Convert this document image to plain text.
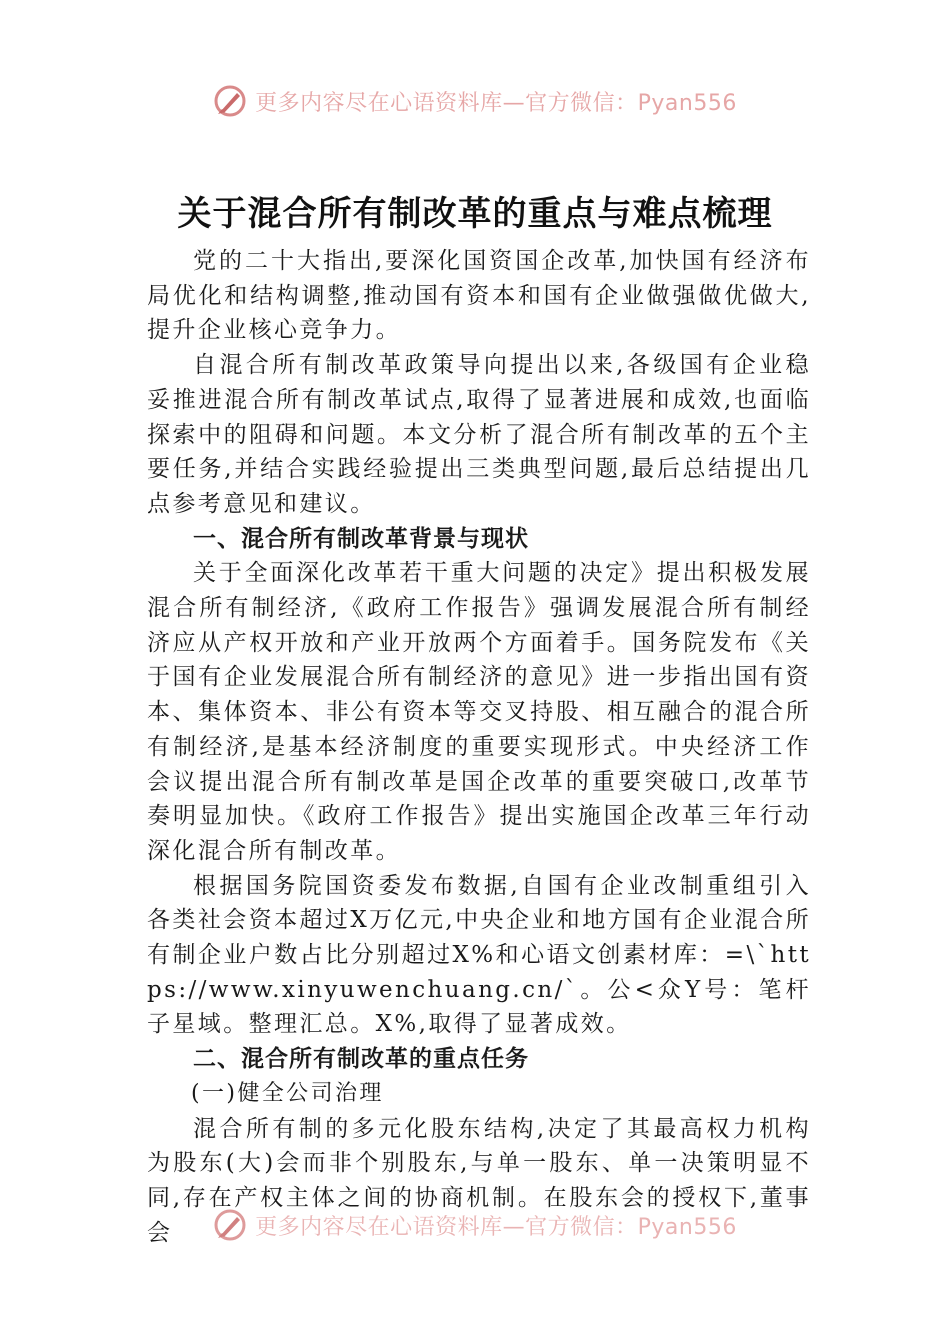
更多内容尽在心语资料库—官方微信：Pyan556
关于混合所有制改革的重点与难点梳理

党的二十大指出,要深化国资国企改革,加快国有经济布局优化和结构调整,推动国有资本和国有企业做强做优做大,提升企业核心竞争力。

自混合所有制改革政策导向提出以来,各级国有企业稳妥推进混合所有制改革试点,取得了显著进展和成效,也面临探索中的阻碍和问题。本文分析了混合所有制改革的五个主要任务,并结合实践经验提出三类典型问题,最后总结提出几点参考意见和建议。

一、混合所有制改革背景与现状

关于全面深化改革若干重大问题的决定》提出积极发展混合所有制经济,《政府工作报告》强调发展混合所有制经济应从产权开放和产业开放两个方面着手。国务院发布《关于国有企业发展混合所有制经济的意见》进一步指出国有资本、集体资本、非公有资本等交叉持股、相互融合的混合所有制经济,是基本经济制度的重要实现形式。中央经济工作会议提出混合所有制改革是国企改革的重要突破口,改革节奏明显加快。《政府工作报告》提出实施国企改革三年行动深化混合所有制改革。

根据国务院国资委发布数据,自国有企业改制重组引入各类社会资本超过X万亿元,中央企业和地方国有企业混合所有制企业户数占比分别超过X%和心语文创素材库：=\`https://www.xinyuwenchuang.cn/`。公<众Y号：笔杆子星域。整理汇总。X%,取得了显著成效。

二、混合所有制改革的重点任务
(一)健全公司治理

混合所有制的多元化股东结构,决定了其最高权力机构为股东(大)会而非个别股东,与单一股东、单一决策明显不同,存在产权主体之间的协商机制。在股东会的授权下,董事会	更多内容尽在心语资料库—官方微信：Pyan556
